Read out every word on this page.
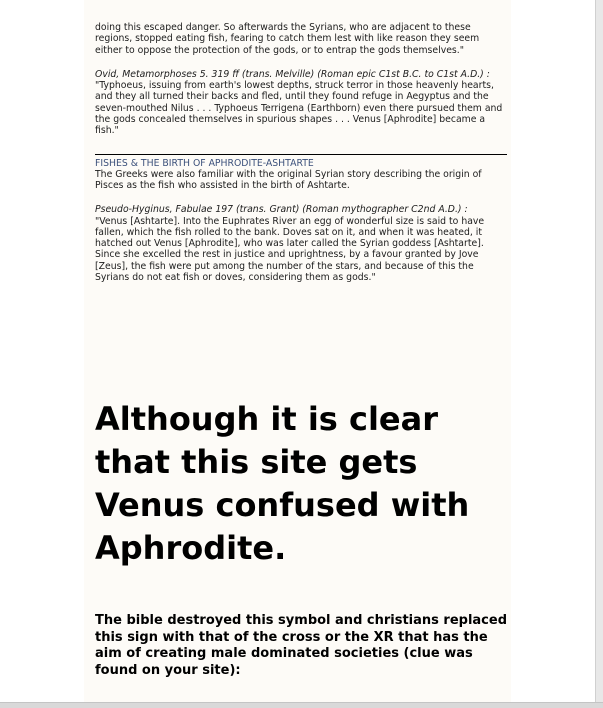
doing this escaped danger. So afterwards the Syrians, who are adjacent to these regions, stopped eating fish, fearing to catch them lest with like reason they seem either to oppose the protection of the gods, or to entrap the gods themselves."

Ovid, Metamorphoses 5. 319 ff (trans. Melville) (Roman epic C1st B.C. to C1st A.D.) :

"Typhoeus, issuing from earth's lowest depths, struck terror in those heavenly hearts, and they all turned their backs and fled, until they found refuge in Aegyptus and the seven-mouthed Nilus . . . Typhoeus Terrigena (Earthborn) even there pursued them and the gods concealed themselves in spurious shapes . . . Venus [Aphrodite] became a fish."

FISHES & THE BIRTH OF APHRODITE-ASHTARTE

The Greeks were also familiar with the original Syrian story describing the origin of Pisces as the fish who assisted in the birth of Ashtarte.

Pseudo-Hyginus, Fabulae 197 (trans. Grant) (Roman mythographer C2nd A.D.) :

"Venus [Ashtarte]. Into the Euphrates River an egg of wonderful size is said to have fallen, which the fish rolled to the bank. Doves sat on it, and when it was heated, it hatched out Venus [Aphrodite], who was later called the Syrian goddess [Ashtarte]. Since she excelled the rest in justice and uprightness, by a favour granted by Jove [Zeus], the fish were put among the number of the stars, and because of this the Syrians do not eat fish or doves, considering them as gods."

Although it is clear that this site gets Venus confused with Aphrodite.

The bible destroyed this symbol and christians replaced this sign with that of the cross or the XR that has the aim of creating male dominated societies (clue was found on your site):
